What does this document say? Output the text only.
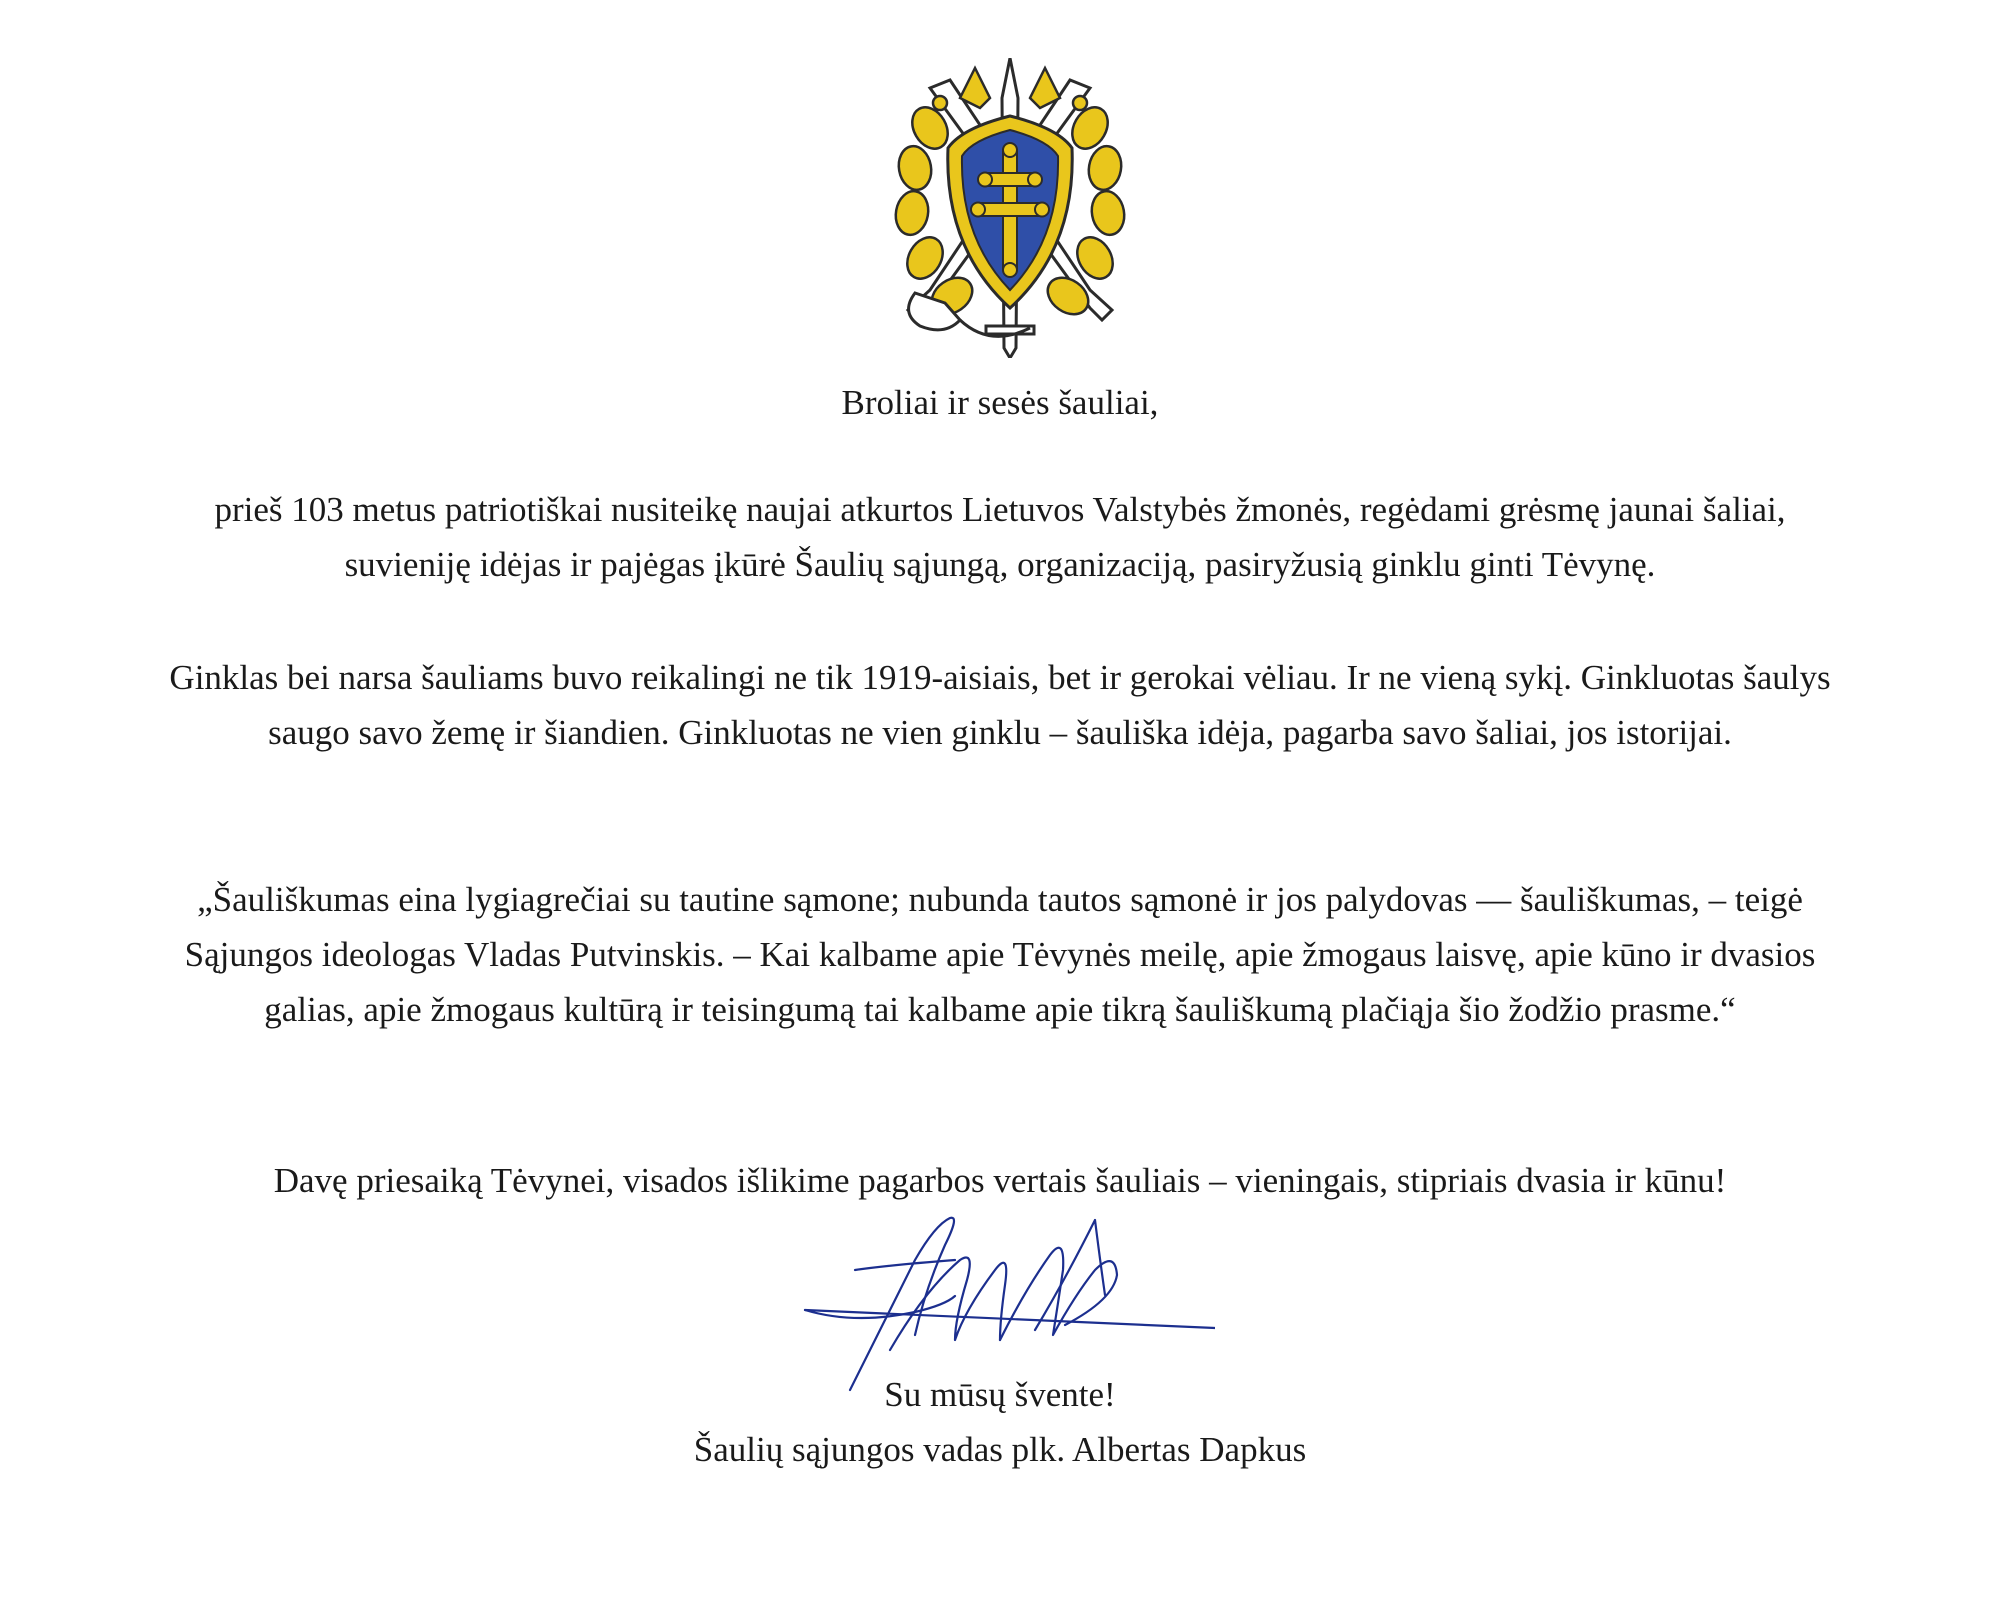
Broliai ir sesės šauliai,

prieš 103 metus patriotiškai nusiteikę naujai atkurtos Lietuvos Valstybės žmonės, regėdami grėsmę jaunai šaliai, suvieniję idėjas ir pajėgas įkūrė Šaulių sąjungą, organizaciją, pasiryžusią ginklu ginti Tėvynę.

Ginklas bei narsa šauliams buvo reikalingi ne tik 1919-aisiais, bet ir gerokai vėliau. Ir ne vieną sykį. Ginkluotas šaulys saugo savo žemę ir šiandien. Ginkluotas ne vien ginklu – šauliška idėja, pagarba savo šaliai, jos istorijai.

„Šauliškumas eina lygiagrečiai su tautine sąmone; nubunda tautos sąmonė ir jos palydovas — šauliškumas, – teigė Sąjungos ideologas Vladas Putvinskis. – Kai kalbame apie Tėvynės meilę, apie žmogaus laisvę, apie kūno ir dvasios galias, apie žmogaus kultūrą ir teisingumą tai kalbame apie tikrą šauliškumą plačiąja šio žodžio prasme.“

Davę priesaiką Tėvynei, visados išlikime pagarbos vertais šauliais – vieningais, stipriais dvasia ir kūnu!

Su mūsų švente!
Šaulių sąjungos vadas plk. Albertas Dapkus
